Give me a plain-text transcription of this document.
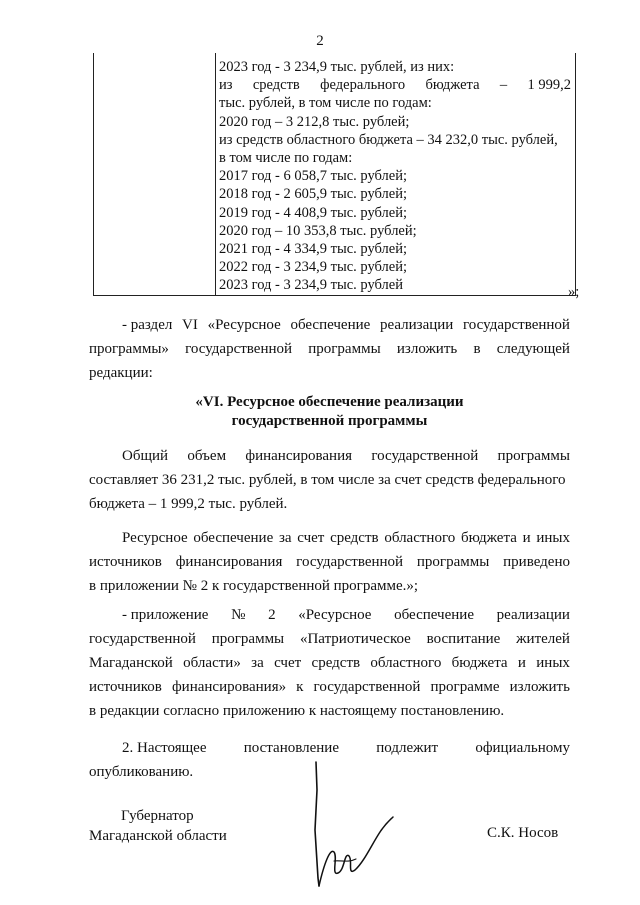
2
2023 год - 3 234,9 тыс. рублей, из них:
из средств федерального бюджета – 1 999,2
тыс. рублей, в том числе по годам:
2020 год – 3 212,8 тыс. рублей;
из средств областного бюджета – 34 232,0 тыс. рублей,
в том числе по годам:
2017 год - 6 058,7 тыс. рублей;
2018 год - 2 605,9 тыс. рублей;
2019 год - 4 408,9 тыс. рублей;
2020 год – 10 353,8 тыс. рублей;
2021 год - 4 334,9 тыс. рублей;
2022 год - 3 234,9 тыс. рублей;
2023 год - 3 234,9 тыс. рублей	»;
- раздел VI «Ресурсное обеспечение реализации государственной
программы» государственной программы изложить в следующей
редакции:
«VI. Ресурсное обеспечение реализации
государственной программы
Общий объем финансирования государственной программы
составляет 36 231,2 тыс. рублей, в том числе за счет средств федерального
бюджета – 1 999,2 тыс. рублей.
Ресурсное обеспечение за счет средств областного бюджета и иных
источников финансирования государственной программы приведено
в приложении № 2 к государственной программе.»;
- приложение № 2 «Ресурсное обеспечение реализации
государственной программы «Патриотическое воспитание жителей
Магаданской области» за счет средств областного бюджета и иных
источников финансирования» к государственной программе изложить
в редакции согласно приложению к настоящему постановлению.
2. Настоящее постановление подлежит официальному
опубликованию.
Губернатор
Магаданской области	С.К. Носов
